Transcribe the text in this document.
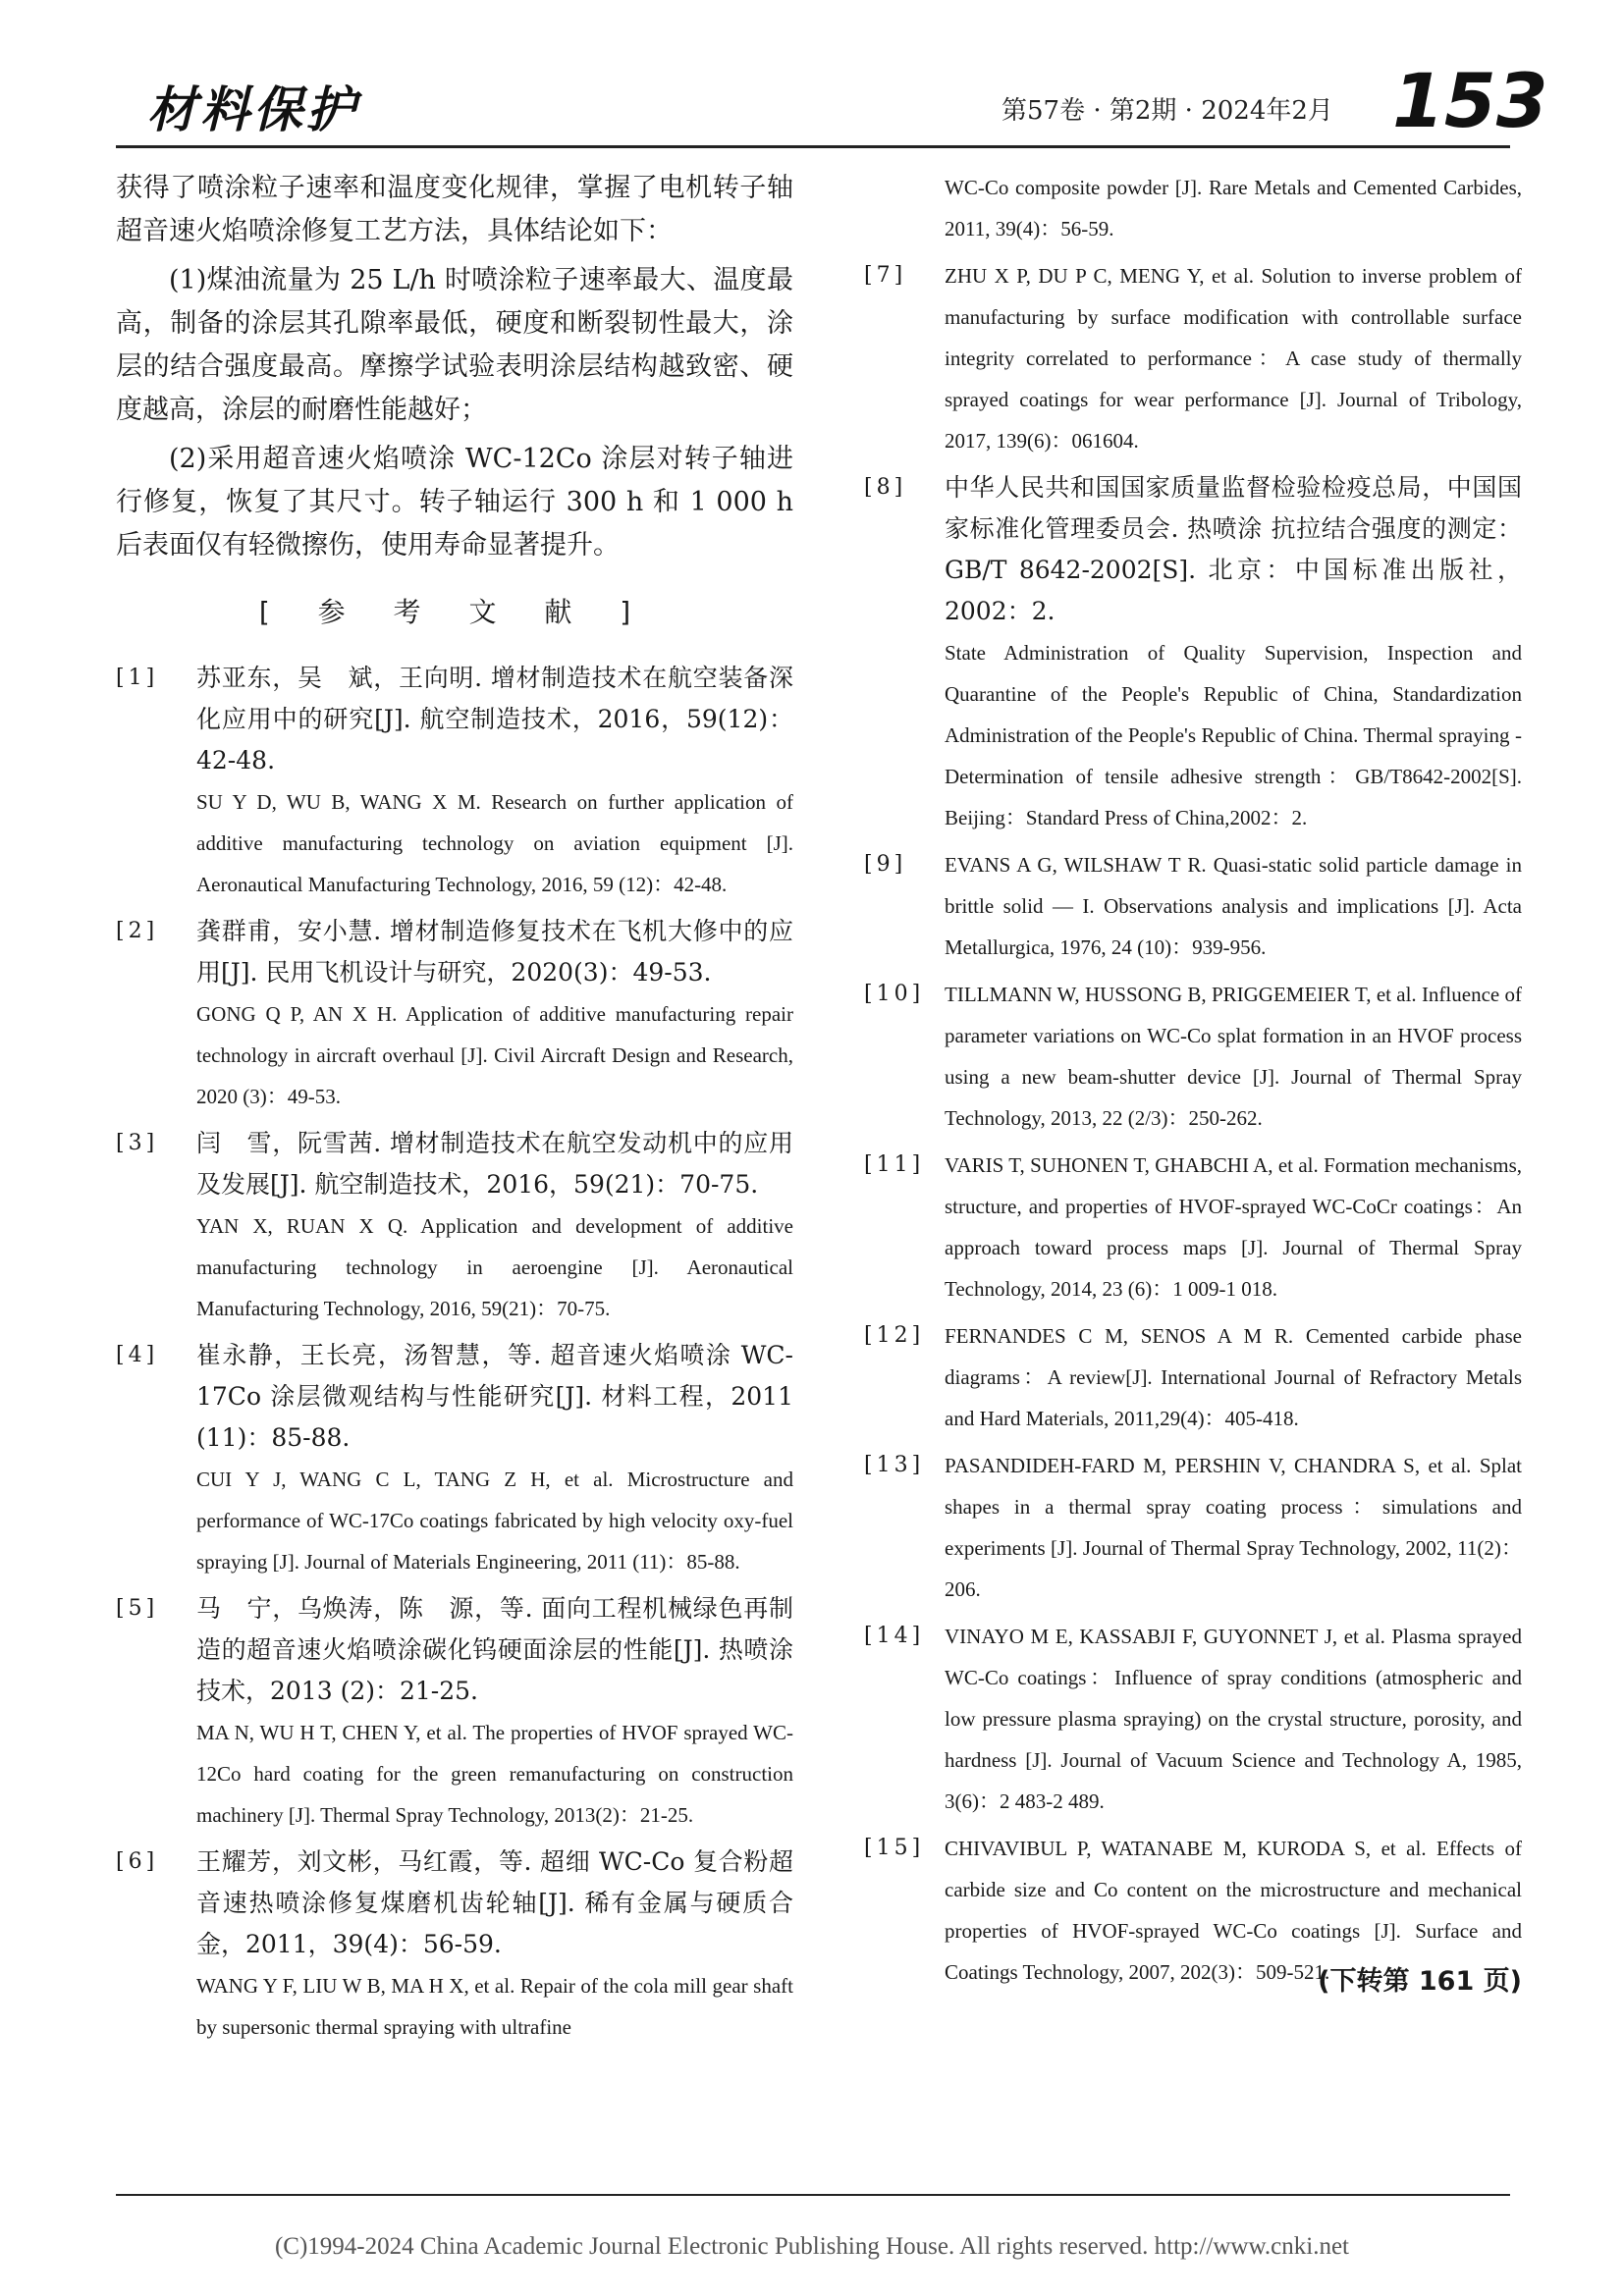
材料保护	第57卷 · 第2期 · 2024年2月 153

获得了喷涂粒子速率和温度变化规律，掌握了电机转子轴超音速火焰喷涂修复工艺方法，具体结论如下：

(1)煤油流量为 25 L/h 时喷涂粒子速率最大、温度最高，制备的涂层其孔隙率最低，硬度和断裂韧性最大，涂层的结合强度最高。摩擦学试验表明涂层结构越致密、硬度越高，涂层的耐磨性能越好；

(2)采用超音速火焰喷涂 WC-12Co 涂层对转子轴进行修复，恢复了其尺寸。转子轴运行 300 h 和 1 000 h 后表面仅有轻微擦伤，使用寿命显著提升。

[ 参 考 文 献 ]
[1] 苏亚东，吴　斌，王向明. 增材制造技术在航空装备深化应用中的研究[J]. 航空制造技术，2016，59(12)：42-48.
SU Y D, WU B, WANG X M. Research on further application of additive manufacturing technology on aviation equipment [J]. Aeronautical Manufacturing Technology, 2016, 59 (12)：42-48.
[2] 龚群甫，安小慧. 增材制造修复技术在飞机大修中的应用[J]. 民用飞机设计与研究，2020(3)：49-53.
GONG Q P, AN X H. Application of additive manufacturing repair technology in aircraft overhaul [J]. Civil Aircraft Design and Research, 2020 (3)：49-53.
[3] 闫　雪，阮雪茜. 增材制造技术在航空发动机中的应用及发展[J]. 航空制造技术，2016，59(21)：70-75.
YAN X, RUAN X Q. Application and development of additive manufacturing technology in aeroengine [J]. Aeronautical Manufacturing Technology, 2016, 59(21)：70-75.
[4] 崔永静，王长亮，汤智慧，等. 超音速火焰喷涂 WC-17Co 涂层微观结构与性能研究[J]. 材料工程，2011 (11)：85-88.
CUI Y J, WANG C L, TANG Z H, et al. Microstructure and performance of WC-17Co coatings fabricated by high velocity oxy-fuel spraying [J]. Journal of Materials Engineering, 2011 (11)：85-88.
[5] 马　宁，乌焕涛，陈　源，等. 面向工程机械绿色再制造的超音速火焰喷涂碳化钨硬面涂层的性能[J]. 热喷涂技术，2013 (2)：21-25.
MA N, WU H T, CHEN Y, et al. The properties of HVOF sprayed WC-12Co hard coating for the green remanufacturing on construction machinery [J]. Thermal Spray Technology, 2013(2)：21-25.
[6] 王耀芳，刘文彬，马红霞，等. 超细 WC-Co 复合粉超音速热喷涂修复煤磨机齿轮轴[J]. 稀有金属与硬质合金，2011，39(4)：56-59.
WANG Y F, LIU W B, MA H X, et al. Repair of the cola mill gear shaft by supersonic thermal spraying with ultrafine
WC-Co composite powder [J]. Rare Metals and Cemented Carbides, 2011, 39(4)：56-59.
[7] ZHU X P, DU P C, MENG Y, et al. Solution to inverse problem of manufacturing by surface modification with controllable surface integrity correlated to performance：A case study of thermally sprayed coatings for wear performance [J]. Journal of Tribology, 2017, 139(6)：061604.
[8] 中华人民共和国国家质量监督检验检疫总局，中国国家标准化管理委员会. 热喷涂 抗拉结合强度的测定：GB/T 8642-2002[S]. 北京：中国标准出版社，2002：2.
State Administration of Quality Supervision, Inspection and Quarantine of the People's Republic of China, Standardization Administration of the People's Republic of China. Thermal spraying - Determination of tensile adhesive strength：GB/T8642-2002[S]. Beijing：Standard Press of China,2002：2.
[9] EVANS A G, WILSHAW T R. Quasi-static solid particle damage in brittle solid — I. Observations analysis and implications [J]. Acta Metallurgica, 1976, 24 (10)：939-956.
[10] TILLMANN W, HUSSONG B, PRIGGEMEIER T, et al. Influence of parameter variations on WC-Co splat formation in an HVOF process using a new beam-shutter device [J]. Journal of Thermal Spray Technology, 2013, 22 (2/3)：250-262.
[11] VARIS T, SUHONEN T, GHABCHI A, et al. Formation mechanisms, structure, and properties of HVOF-sprayed WC-CoCr coatings：An approach toward process maps [J]. Journal of Thermal Spray Technology, 2014, 23 (6)：1 009-1 018.
[12] FERNANDES C M, SENOS A M R. Cemented carbide phase diagrams：A review[J]. International Journal of Refractory Metals and Hard Materials, 2011,29(4)：405-418.
[13] PASANDIDEH-FARD M, PERSHIN V, CHANDRA S, et al. Splat shapes in a thermal spray coating process：simulations and experiments [J]. Journal of Thermal Spray Technology, 2002, 11(2)：206.
[14] VINAYO M E, KASSABJI F, GUYONNET J, et al. Plasma sprayed WC-Co coatings：Influence of spray conditions (atmospheric and low pressure plasma spraying) on the crystal structure, porosity, and hardness [J]. Journal of Vacuum Science and Technology A, 1985, 3(6)：2 483-2 489.
[15] CHIVAVIBUL P, WATANABE M, KURODA S, et al. Effects of carbide size and Co content on the microstructure and mechanical properties of HVOF-sprayed WC-Co coatings [J]. Surface and Coatings Technology, 2007, 202(3)：509-521.
(下转第 161 页)
(C)1994-2024 China Academic Journal Electronic Publishing House. All rights reserved. http://www.cnki.net
